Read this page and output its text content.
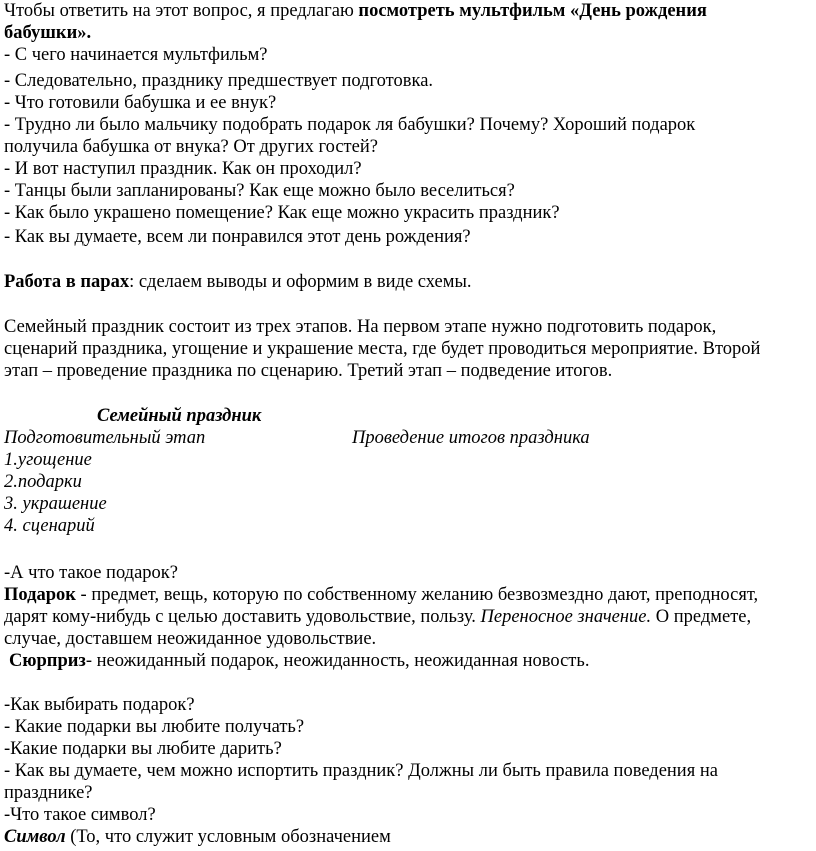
Чтобы ответить на этот вопрос, я предлагаю посмотреть мультфильм «День рождения
бабушки».
- С чего начинается мультфильм?
- Следовательно, празднику предшествует подготовка.
- Что готовили бабушка и ее внук?
- Трудно ли было мальчику подобрать подарок ля бабушки? Почему? Хороший подарок
получила бабушка от внука? От других гостей?
- И вот наступил праздник. Как он проходил?
- Танцы были запланированы? Как еще можно было веселиться?
- Как было украшено помещение? Как еще можно украсить праздник?
- Как вы думаете, всем ли понравился этот день рождения?
Работа в парах: сделаем выводы и оформим в виде схемы.
Семейный праздник состоит из трех этапов. На первом этапе нужно подготовить подарок,
сценарий праздника, угощение и украшение места, где будет проводиться мероприятие. Второй
этап – проведение праздника по сценарию. Третий этап – подведение итогов.
Семейный праздник
Подготовительный этап	Проведение итогов праздника
1.угощение
2.подарки
3. украшение
4. сценарий
-А что такое подарок?
Подарок - предмет, вещь, которую по собственному желанию безвозмездно дают, преподносят,
дарят кому-нибудь с целью доставить удовольствие, пользу. Переносное значение. О предмете,
случае, доставшем неожиданное удовольствие.
Сюрприз- неожиданный подарок, неожиданность, неожиданная новость.
-Как выбирать подарок?
- Какие подарки вы любите получать?
-Какие подарки вы любите дарить?
- Как вы думаете, чем можно испортить праздник? Должны ли быть правила поведения на
празднике?
-Что такое символ?
Символ (То, что служит условным обозначением
